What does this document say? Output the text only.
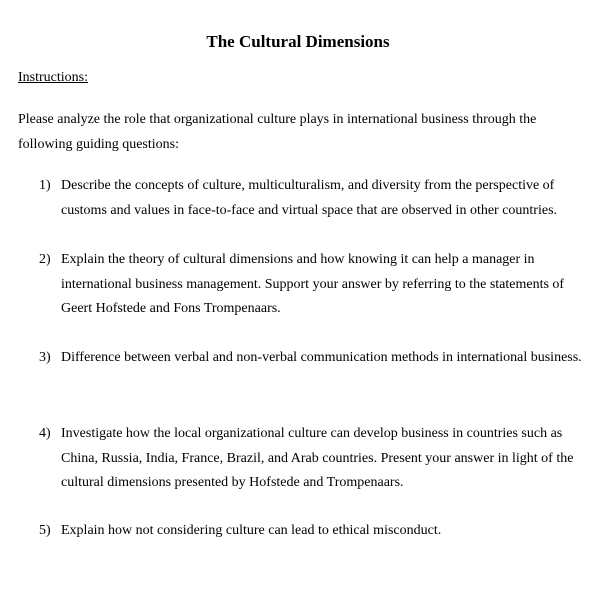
The Cultural Dimensions
Instructions:
Please analyze the role that organizational culture plays in international business through the following guiding questions:
1) Describe the concepts of culture, multiculturalism, and diversity from the perspective of customs and values in face-to-face and virtual space that are observed in other countries.
2) Explain the theory of cultural dimensions and how knowing it can help a manager in international business management. Support your answer by referring to the statements of Geert Hofstede and Fons Trompenaars.
3) Difference between verbal and non-verbal communication methods in international business.
4) Investigate how the local organizational culture can develop business in countries such as China, Russia, India, France, Brazil, and Arab countries. Present your answer in light of the cultural dimensions presented by Hofstede and Trompenaars.
5) Explain how not considering culture can lead to ethical misconduct.
